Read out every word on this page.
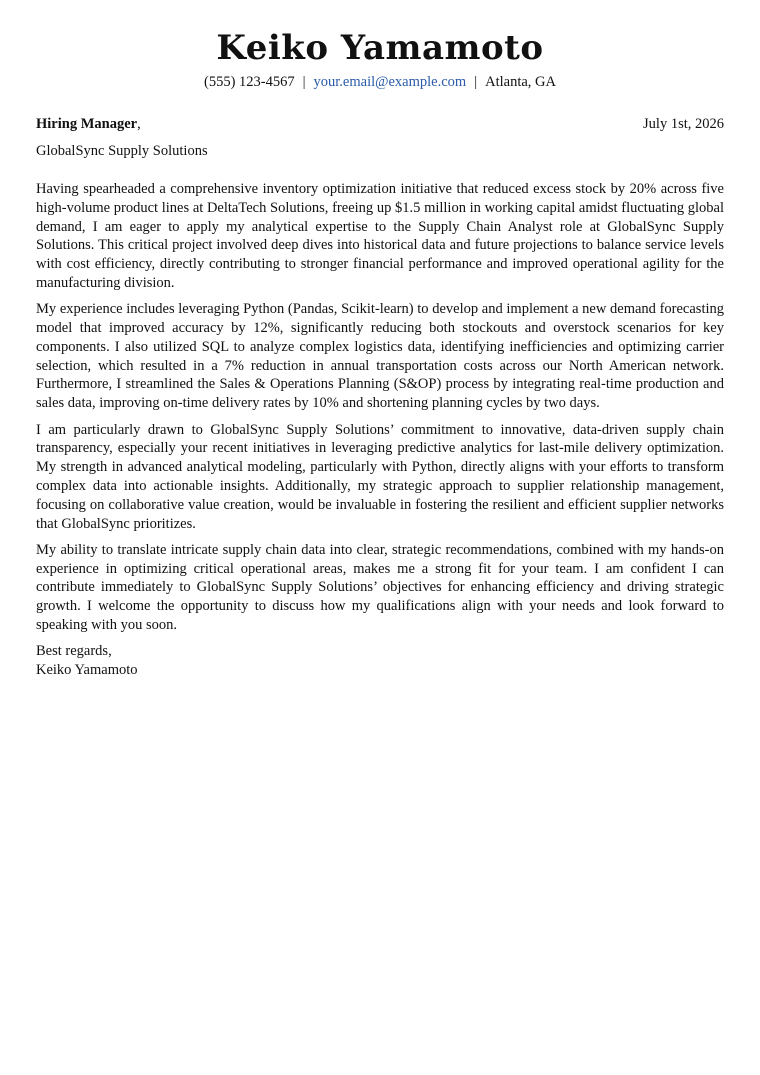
Keiko Yamamoto
(555) 123-4567 | your.email@example.com | Atlanta, GA
Hiring Manager,	July 1st, 2026
GlobalSync Supply Solutions

Having spearheaded a comprehensive inventory optimization initiative that reduced excess stock by 20% across five high-volume product lines at DeltaTech Solutions, freeing up $1.5 million in working capital amidst fluctuating global demand, I am eager to apply my analytical expertise to the Supply Chain Analyst role at GlobalSync Supply Solutions. This critical project involved deep dives into historical data and future projections to balance service levels with cost efficiency, directly contributing to stronger financial performance and improved operational agility for the manufacturing division.

My experience includes leveraging Python (Pandas, Scikit-learn) to develop and implement a new demand forecasting model that improved accuracy by 12%, significantly reducing both stockouts and overstock scenarios for key components. I also utilized SQL to analyze complex logistics data, identifying inefficiencies and optimizing carrier selection, which resulted in a 7% reduction in annual transportation costs across our North American network. Furthermore, I streamlined the Sales & Operations Planning (S&OP) process by integrating real-time production and sales data, improving on-time delivery rates by 10% and shortening planning cycles by two days.

I am particularly drawn to GlobalSync Supply Solutions’ commitment to innovative, data-driven supply chain transparency, especially your recent initiatives in leveraging predictive analytics for last-mile delivery optimization. My strength in advanced analytical modeling, particularly with Python, directly aligns with your efforts to transform complex data into actionable insights. Additionally, my strategic approach to supplier relationship management, focusing on collaborative value creation, would be invaluable in fostering the resilient and efficient supplier networks that GlobalSync prioritizes.

My ability to translate intricate supply chain data into clear, strategic recommendations, combined with my hands-on experience in optimizing critical operational areas, makes me a strong fit for your team. I am confident I can contribute immediately to GlobalSync Supply Solutions’ objectives for enhancing efficiency and driving strategic growth. I welcome the opportunity to discuss how my qualifications align with your needs and look forward to speaking with you soon.

Best regards,
Keiko Yamamoto
